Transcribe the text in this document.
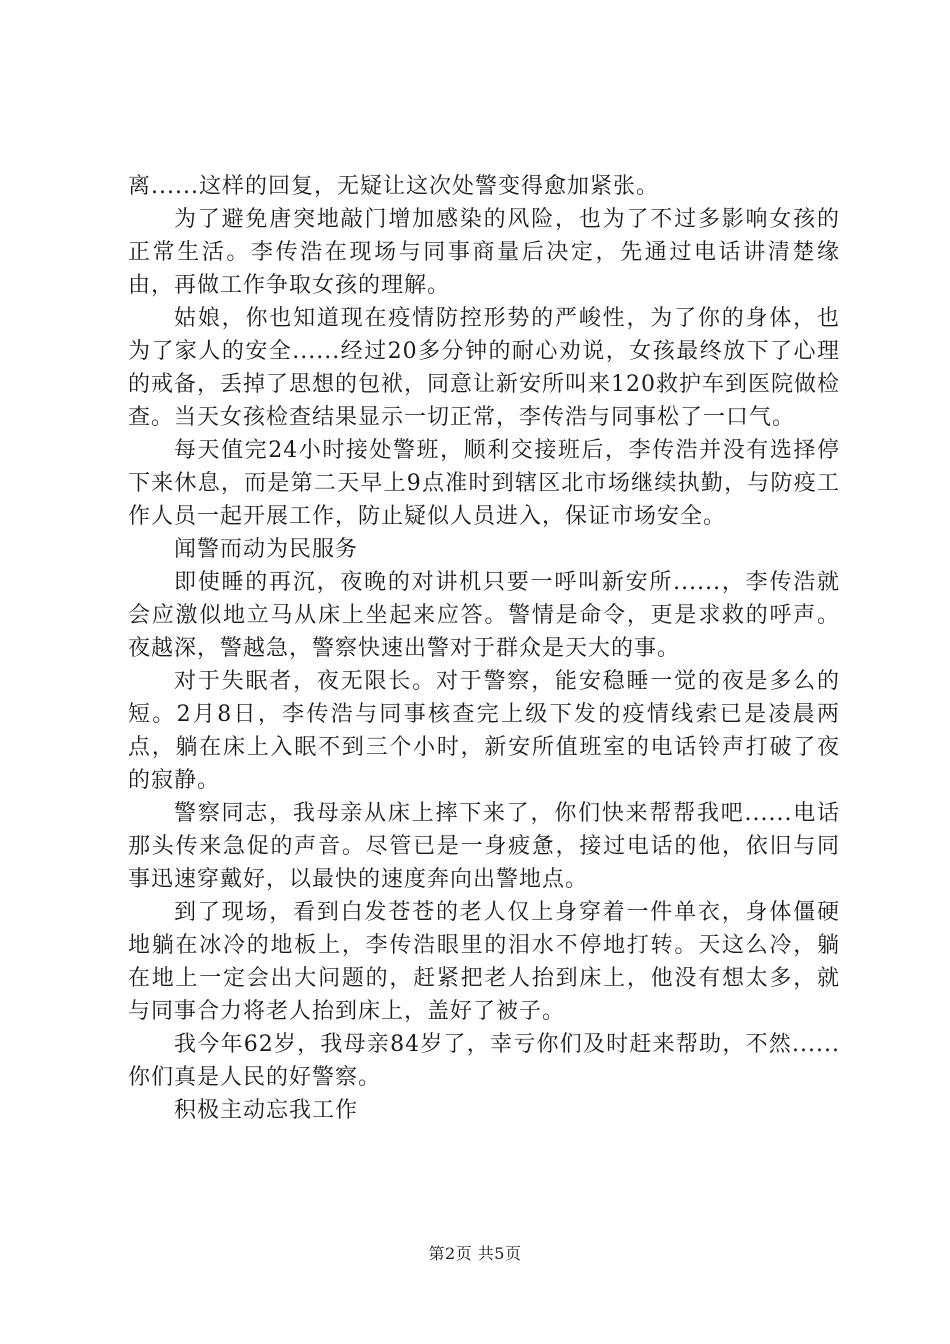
离......这样的回复，无疑让这次处警变得愈加紧张。

为了避免唐突地敲门增加感染的风险，也为了不过多影响女孩的正常生活。李传浩在现场与同事商量后决定，先通过电话讲清楚缘由，再做工作争取女孩的理解。

姑娘，你也知道现在疫情防控形势的严峻性，为了你的身体，也为了家人的安全......经过20多分钟的耐心劝说，女孩最终放下了心理的戒备，丢掉了思想的包袱，同意让新安所叫来120救护车到医院做检查。当天女孩检查结果显示一切正常，李传浩与同事松了一口气。

每天值完24小时接处警班，顺利交接班后，李传浩并没有选择停下来休息，而是第二天早上9点准时到辖区北市场继续执勤，与防疫工作人员一起开展工作，防止疑似人员进入，保证市场安全。

闻警而动为民服务

即使睡的再沉，夜晚的对讲机只要一呼叫新安所......，李传浩就会应激似地立马从床上坐起来应答。警情是命令，更是求救的呼声。夜越深，警越急，警察快速出警对于群众是天大的事。

对于失眠者，夜无限长。对于警察，能安稳睡一觉的夜是多么的短。2月8日，李传浩与同事核查完上级下发的疫情线索已是凌晨两点，躺在床上入眠不到三个小时，新安所值班室的电话铃声打破了夜的寂静。

警察同志，我母亲从床上摔下来了，你们快来帮帮我吧......电话那头传来急促的声音。尽管已是一身疲惫，接过电话的他，依旧与同事迅速穿戴好，以最快的速度奔向出警地点。

到了现场，看到白发苍苍的老人仅上身穿着一件单衣，身体僵硬地躺在冰冷的地板上，李传浩眼里的泪水不停地打转。天这么冷，躺在地上一定会出大问题的，赶紧把老人抬到床上，他没有想太多，就与同事合力将老人抬到床上，盖好了被子。

我今年62岁，我母亲84岁了，幸亏你们及时赶来帮助，不然......你们真是人民的好警察。

积极主动忘我工作

第2页 共5页
